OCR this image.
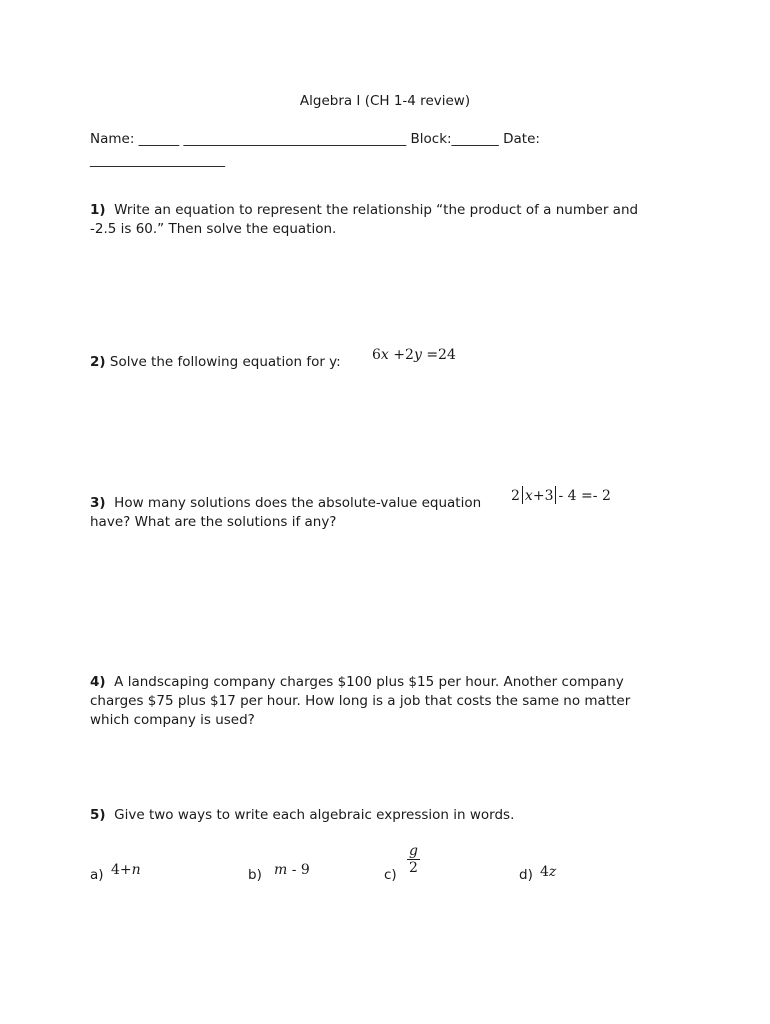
Algebra I (CH 1-4 review)
Name: ______ _________________________________ Block:_______ Date:
____________________
1) Write an equation to represent the relationship “the product of a number and -2.5 is 60.” Then solve the equation.
2) Solve the following equation for y: 6x +2y =24
3) How many solutions does the absolute-value equation
have? What are the solutions if any?
2 x+3 - 4 =- 2
4) A landscaping company charges $100 plus $15 per hour. Another company charges $75 plus $17 per hour. How long is a job that costs the same no matter which company is used?
5) Give two ways to write each algebraic expression in words.
a) 4+n	b) m - 9	$c) \frac{g}{2}$	d) 4z
